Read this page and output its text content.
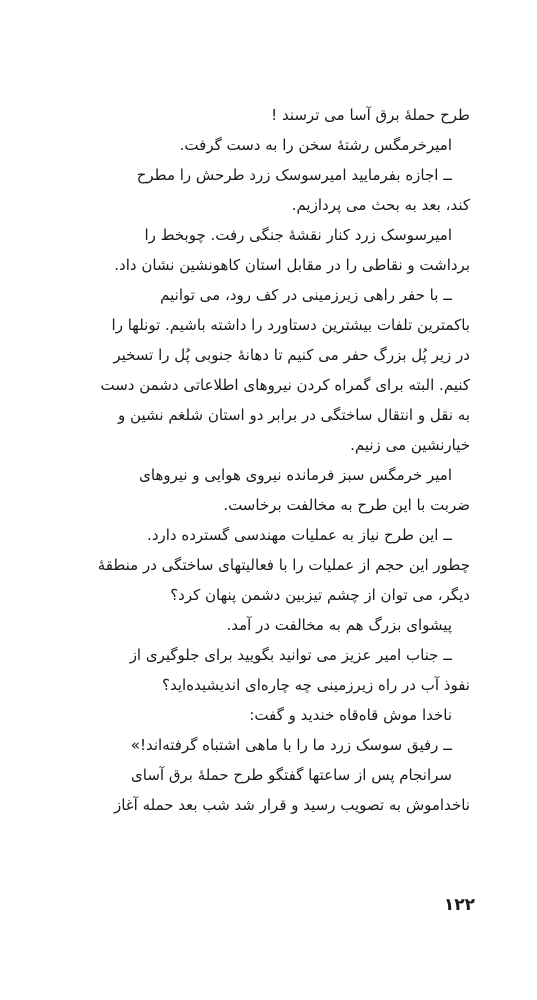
طرح حملهٔ برق آسا می ترسند !
امیرخرمگس رشتهٔ سخن را به دست گرفت.
ــ اجازه بفرمایید امیرسوسک زرد طرحش را مطرح
کند، بعد به بحث می پردازیم.
امیرسوسک زرد کنار نقشهٔ جنگی رفت. چوبخط را
برداشت و نقاطی را در مقابل استان کاهونشین نشان داد.
ــ با حفر راهی زیرزمینی در کف رود، می توانیم
باکمترین تلفات بیشترین دستاورد را داشته باشیم. تونلها را
در زیر پُل بزرگ حفر می کنیم تا دهانهٔ جنوبی پُل را تسخیر
کنیم. البته برای گمراه کردن نیروهای اطلاعاتی دشمن دست
به نقل و انتقال ساختگی در برابر دو استان شلغم نشین و
خیارنشین می زنیم.
امیر خرمگس سبز فرمانده نیروی هوایی و نیروهای
ضربت با این طرح به مخالفت برخاست.
ــ این طرح نیاز به عملیات مهندسی گسترده دارد.
چطور این حجم از عملیات را با فعالیتهای ساختگی در منطقهٔ
دیگر، می توان از چشم تیزبین دشمن پنهان کرد؟
پیشوای بزرگ هم به مخالفت در آمد.
ــ جناب امیر عزیز می توانید بگویید برای جلوگیری از
نفوذ آب در راه زیرزمینی چه چاره‌ای اندیشیده‌اید؟
ناخدا موش قاه‌قاه خندید و گفت:
ــ رفیق سوسک زرد ما را با ماهی اشتباه گرفته‌اند!»
سرانجام پس از ساعتها گفتگو طرح حملهٔ برق آسای
ناخداموش به تصویب رسید و قرار شد شب بعد حمله آغاز
۱۲۲
